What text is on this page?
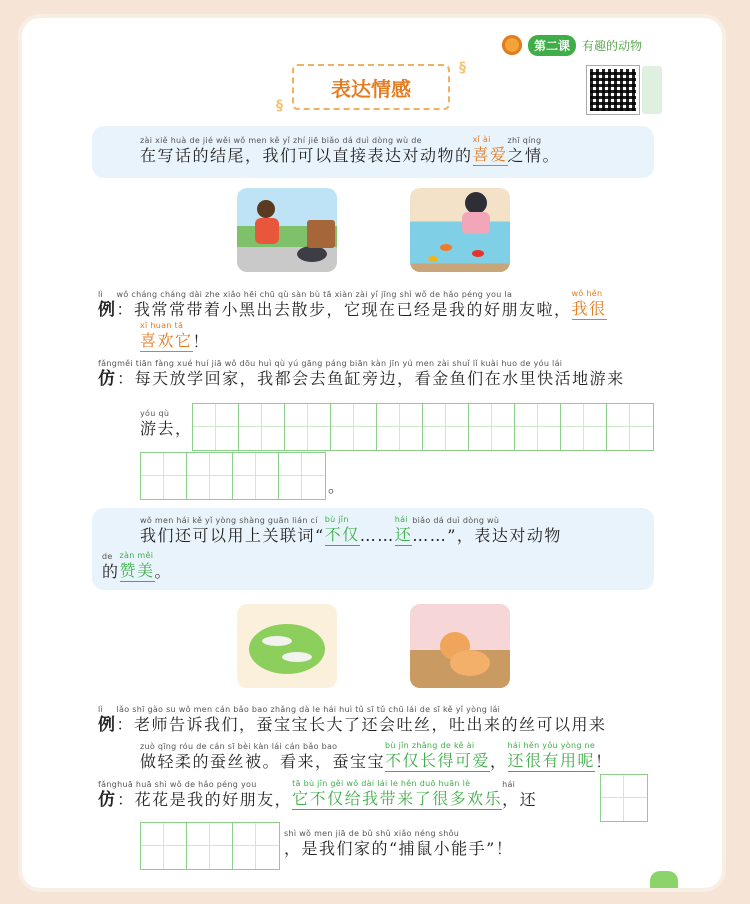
第二课	有趣的动物
§ 表达情感 §
zài xiě huà de jié wěi wǒ men kě yǐ zhí jiē biǎo dá duì dòng wù de
在写话的结尾，我们可以直接表达对动物的
xǐ ài
喜爱
zhī qíng
之情。
lì
例
wǒ cháng cháng dài zhe xiǎo hēi chū qù sàn bù tā xiàn zài yǐ jīng shì wǒ de hǎo péng you la
：我常常带着小黑出去散步，它现在已经是我的好朋友啦，
wǒ hěn
我很
xǐ huan tā
喜欢它 ！
fǎng
仿
měi tiān fàng xué huí jiā wǒ dōu huì qù yú gāng páng biān kàn jīn yú men zài shuǐ lǐ kuài huo de yóu lái
：每天放学回家，我都会去鱼缸旁边，看金鱼们在水里快活地游来
yóu qù
游去，
。
wǒ men hái kě yǐ yòng shàng guān lián cí
我们还可以用上关联词“
bù jǐn
不仅 ……
hái
还
biǎo dá duì dòng wù
……”，表达对动物
de
的
zàn měi
赞美 。
lì
例
lǎo shī gào su wǒ men cán bǎo bao zhǎng dà le hái huì tǔ sī tǔ chū lái de sī kě yǐ yòng lái
：老师告诉我们，蚕宝宝长大了还会吐丝，吐出来的丝可以用来
zuò qīng róu de cán sī bèi kàn lái cán bǎo bao
做轻柔的蚕丝被。看来，蚕宝宝
bù jǐn zhǎng de kě ài
不仅长得可爱 ，
hái hěn yǒu yòng ne
还很有用呢 ！
fǎng
仿
huā huā shì wǒ de hǎo péng you
：花花是我的好朋友，
tā bù jǐn gěi wǒ dài lái le hěn duō huān lè
它不仅给我带来了很多欢乐
hái
，还
shì wǒ men jiā de bǔ shǔ xiǎo néng shǒu
，是我们家的“捕鼠小能手”！
